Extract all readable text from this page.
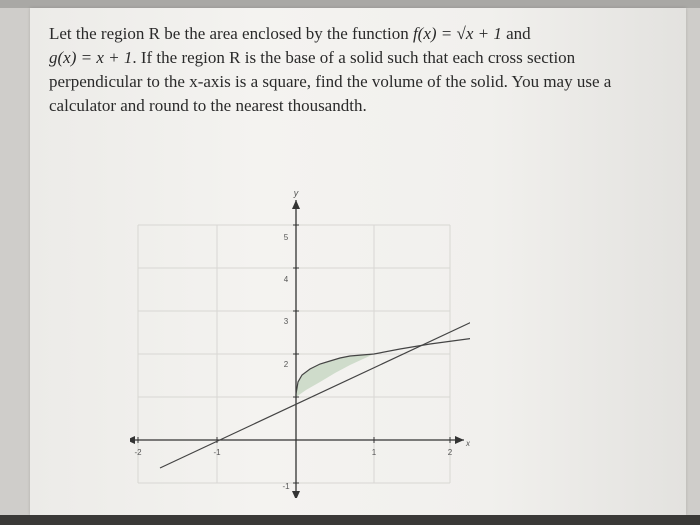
Let the region R be the area enclosed by the function f(x) = √x + 1 and
g(x) = x + 1. If the region R is the base of a solid such that each cross section
perpendicular to the x-axis is a square, find the volume of the solid. You may use a
calculator and round to the nearest thousandth.
-2	-1	1	2
5
4
3
2
-1
y
x
